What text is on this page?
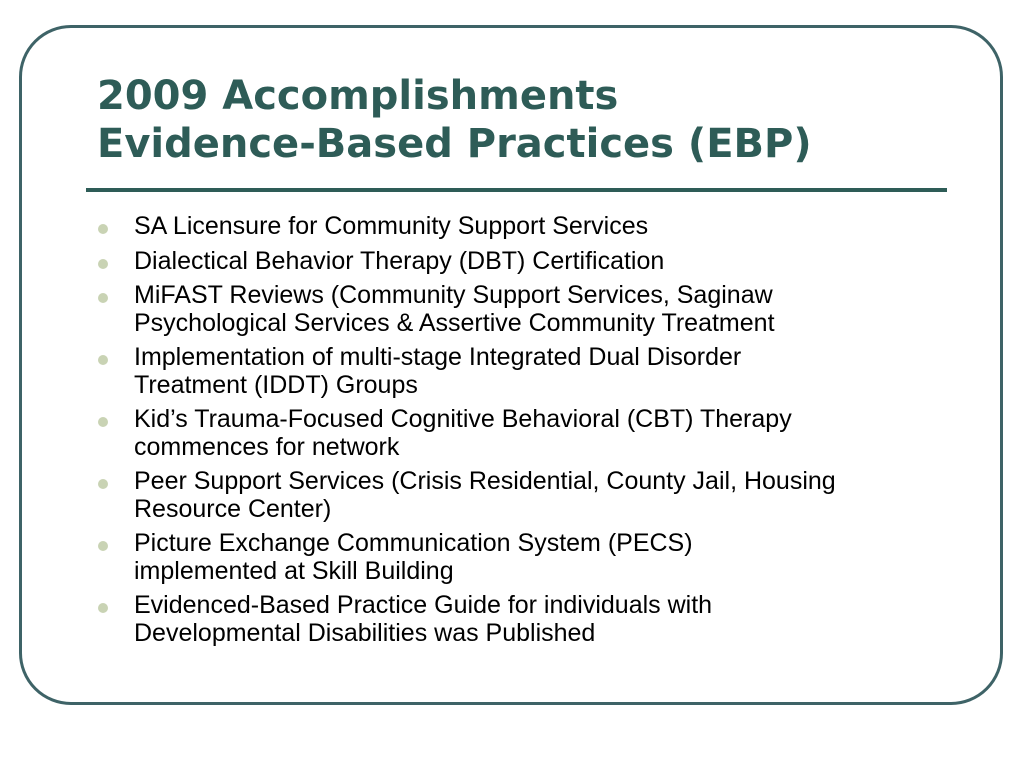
2009 Accomplishments
Evidence-Based Practices (EBP)
SA Licensure for Community Support Services
Dialectical Behavior Therapy (DBT) Certification
MiFAST Reviews (Community Support Services, Saginaw
Psychological Services & Assertive Community Treatment
Implementation of multi-stage Integrated Dual Disorder
Treatment (IDDT) Groups
Kid’s Trauma-Focused Cognitive Behavioral (CBT) Therapy
commences for network
Peer Support Services (Crisis Residential, County Jail, Housing
Resource Center)
Picture Exchange Communication System (PECS)
implemented at Skill Building
Evidenced-Based Practice Guide for individuals with
Developmental Disabilities was Published
